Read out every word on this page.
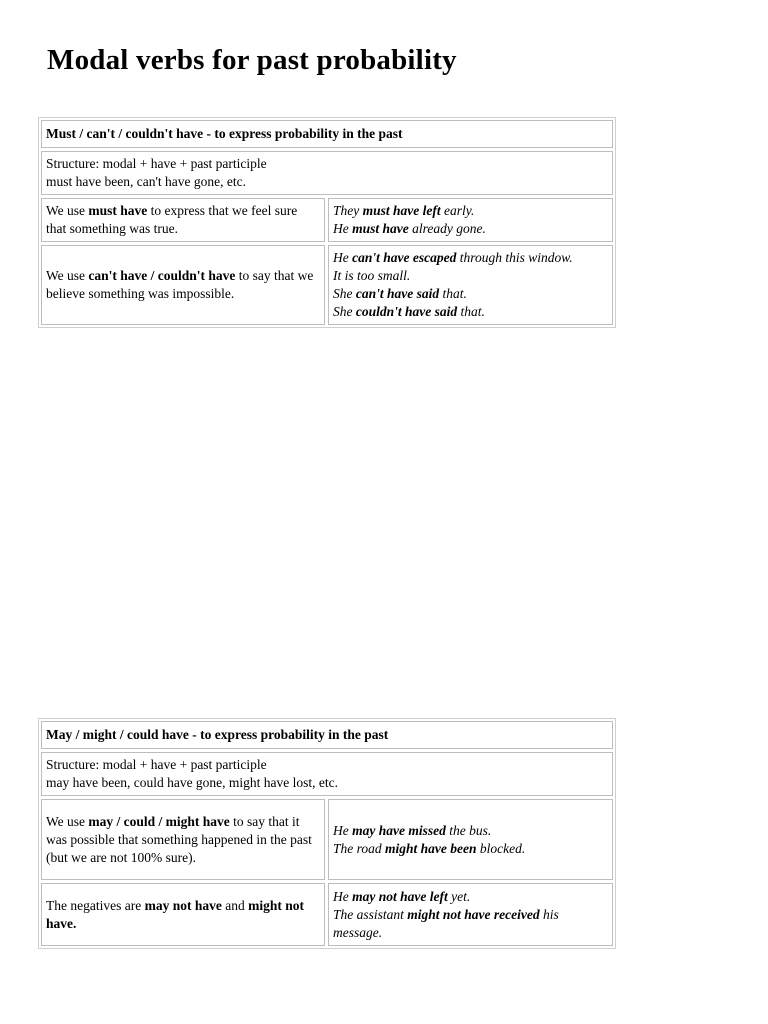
Modal verbs for past probability
Must / can't / couldn't have - to express probability in the past
Structure: modal + have + past participle
must have been, can't have gone, etc.
We use must have to express that we feel sure that something was true.
They must have left early.
He must have already gone.
We use can't have / couldn't have to say that we believe something was impossible.
He can't have escaped through this window.
It is too small.
She can't have said that.
She couldn't have said that.
May / might / could have - to express probability in the past
Structure: modal + have + past participle
may have been, could have gone, might have lost, etc.
We use may / could / might have to say that it was possible that something happened in the past (but we are not 100% sure).
He may have missed the bus.
The road might have been blocked.
The negatives are may not have and might not have.
He may not have left yet.
The assistant might not have received his message.
